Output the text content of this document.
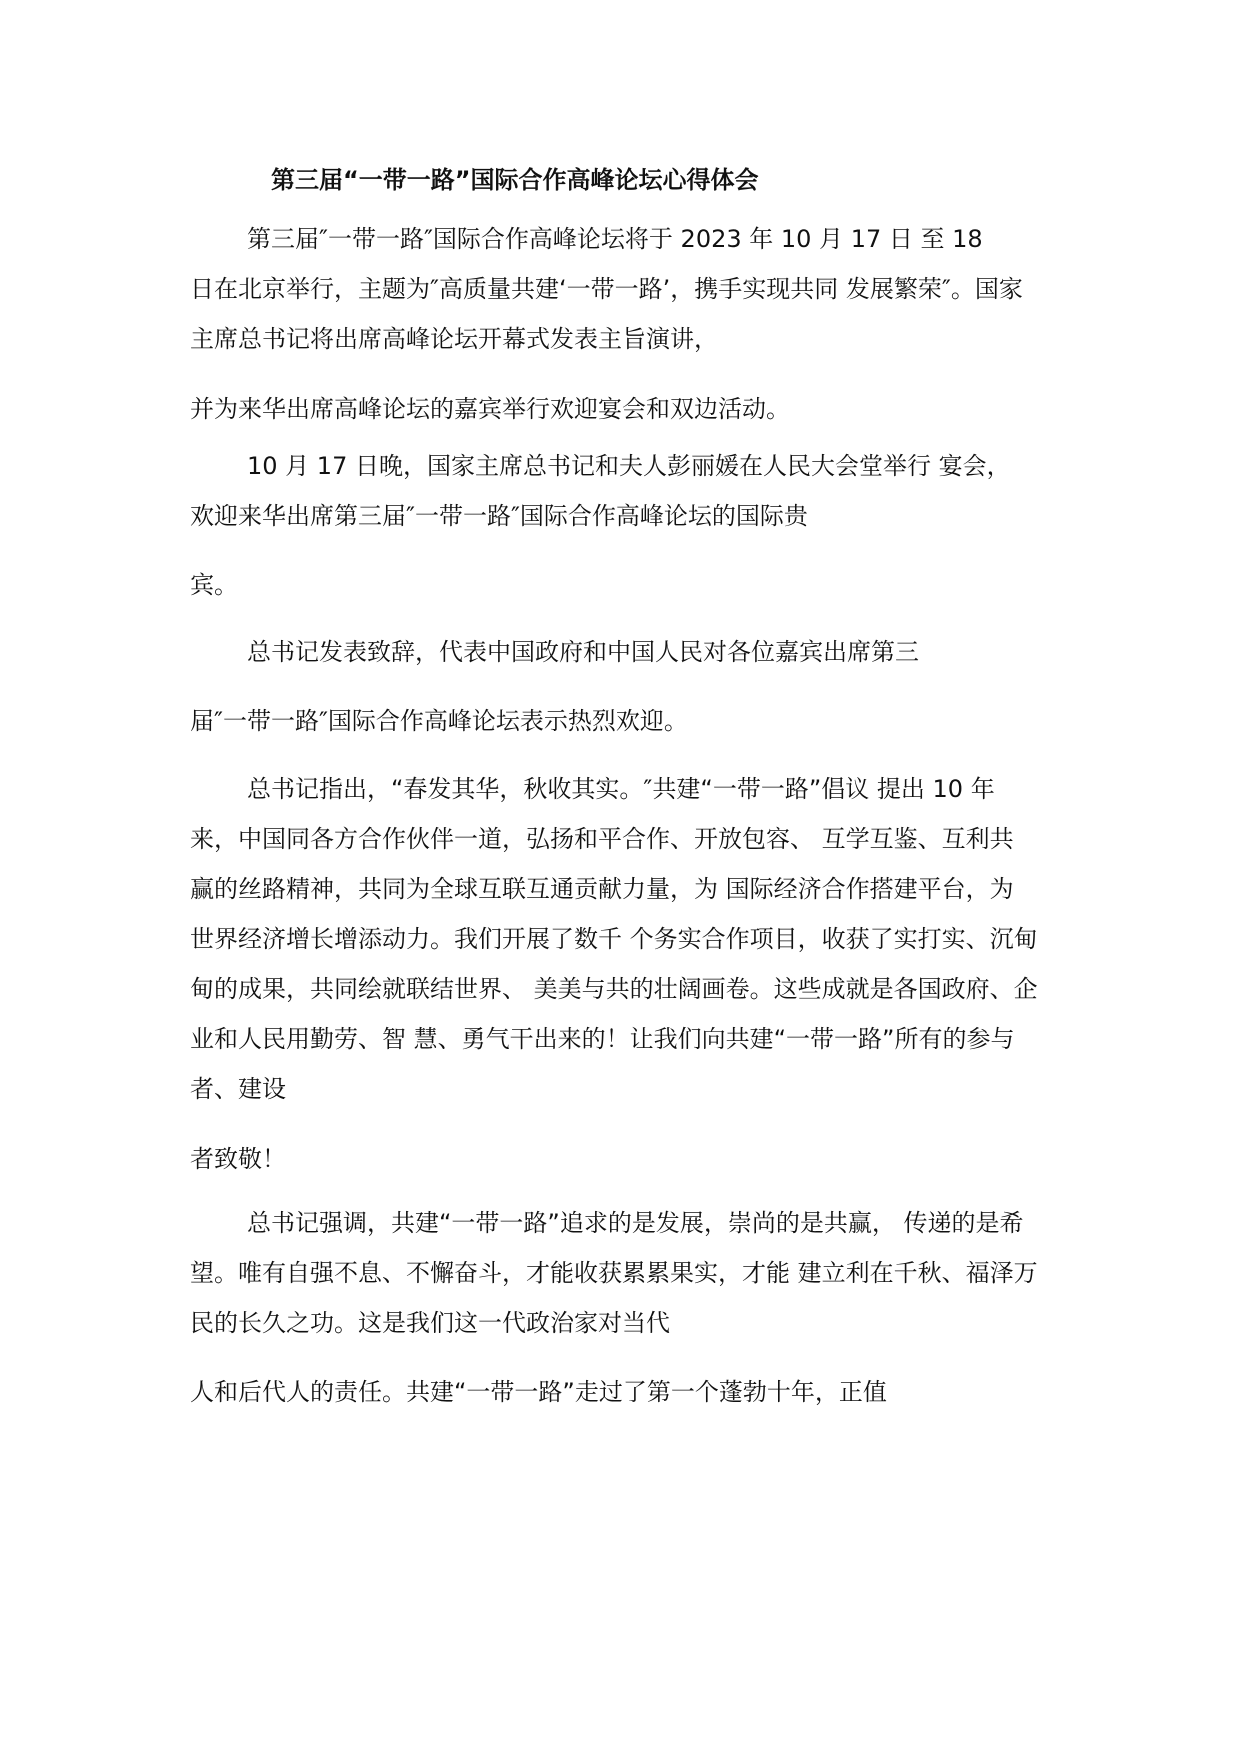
第三届“一带一路”国际合作高峰论坛心得体会
第三届″一带一路″国际合作高峰论坛将于 2023 年 10 月 17 日 至 18
日在北京举行，主题为″高质量共建‘一带一路’，携手实现共同 发展繁荣″。国家
主席总书记将出席高峰论坛开幕式发表主旨演讲，
并为来华出席高峰论坛的嘉宾举行欢迎宴会和双边活动。
10 月 17 日晚，国家主席总书记和夫人彭丽媛在人民大会堂举行 宴会，
欢迎来华出席第三届″一带一路″国际合作高峰论坛的国际贵
宾。
总书记发表致辞，代表中国政府和中国人民对各位嘉宾出席第三
届″一带一路″国际合作高峰论坛表示热烈欢迎。
总书记指出，“春发其华，秋收其实。″共建“一带一路”倡议 提出 10 年
来，中国同各方合作伙伴一道，弘扬和平合作、开放包容、 互学互鉴、互利共
赢的丝路精神，共同为全球互联互通贡献力量，为 国际经济合作搭建平台，为
世界经济增长增添动力。我们开展了数千 个务实合作项目，收获了实打实、沉甸
甸的成果，共同绘就联结世界、 美美与共的壮阔画卷。这些成就是各国政府、企
业和人民用勤劳、智 慧、勇气干出来的！让我们向共建“一带一路”所有的参与
者、建设
者致敬！
总书记强调，共建“一带一路”追求的是发展，崇尚的是共赢， 传递的是希
望。唯有自强不息、不懈奋斗，才能收获累累果实，才能 建立利在千秋、福泽万
民的长久之功。这是我们这一代政治家对当代
人和后代人的责任。共建“一带一路”走过了第一个蓬勃十年，正值
